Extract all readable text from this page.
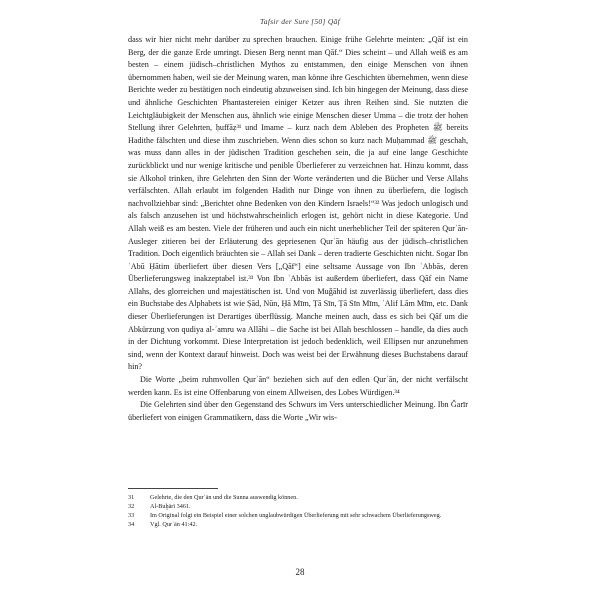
Tafsir der Sure [50] Qāf

dass wir hier nicht mehr darüber zu sprechen brauchen. Einige frühe Gelehrte meinten: „Qāf ist ein Berg, der die ganze Erde umringt. Diesen Berg nennt man Qāf.“ Dies scheint – und Allah weiß es am besten – einem jüdisch–christlichen Mythos zu entstammen, den einige Menschen von ihnen übernommen haben, weil sie der Meinung waren, man könne ihre Geschichten übernehmen, wenn diese Berichte weder zu bestätigen noch eindeutig abzuweisen sind. Ich bin hingegen der Meinung, dass diese und ähnliche Geschichten Phantastereien einiger Ketzer aus ihren Reihen sind. Sie nutzten die Leichtgläubigkeit der Menschen aus, ähnlich wie einige Menschen dieser Umma – die trotz der hohen Stellung ihrer Gelehrten, ḥuffāẓ³¹ und Imame – kurz nach dem Ableben des Propheten ﷺ bereits Hadithe fälschten und diese ihm zuschrieben. Wenn dies schon so kurz nach Muḥammad ﷺ geschah, was muss dann alles in der jüdischen Tradition geschehen sein, die ja auf eine lange Geschichte zurückblickt und nur wenige kritische und penible Überlieferer zu verzeichnen hat. Hinzu kommt, dass sie Alkohol trinken, ihre Gelehrten den Sinn der Worte veränderten und die Bücher und Verse Allahs verfälschten. Allah erlaubt im folgenden Hadith nur Dinge von ihnen zu überliefern, die logisch nachvollziehbar sind: „Berichtet ohne Bedenken von den Kindern Israels!“³² Was jedoch unlogisch und als falsch anzusehen ist und höchstwahrscheinlich erlogen ist, gehört nicht in diese Kategorie. Und Allah weiß es am besten. Viele der früheren und auch ein nicht unerheblicher Teil der späteren Qurʾān-Ausleger zitieren bei der Erläuterung des gepriesenen Qurʾān häufig aus der jüdisch–christlichen Tradition. Doch eigentlich bräuchten sie – Allah sei Dank – deren tradierte Geschichten nicht. Sogar Ibn ʾAbū Ḥātim überliefert über diesen Vers [„Qāf“] eine seltsame Aussage von Ibn ʿAbbās, deren Überlieferungsweg inakzeptabel ist.³³ Von Ibn ʿAbbās ist außerdem überliefert, dass Qāf ein Name Allahs, des glorreichen und majestätischen ist. Und von Muǧāhid ist zuverlässig überliefert, dass dies ein Buchstabe des Alphabets ist wie Ṣād, Nūn, Ḥā Mīm, Ṭā Sīn, Ṭā Sīn Mīm, ʾAlif Lām Mīm, etc. Dank dieser Überlieferungen ist Derartiges überflüssig. Manche meinen auch, dass es sich bei Qāf um die Abkürzung von qudiya al-ʾamru wa Allāhi – die Sache ist bei Allah beschlossen – handle, da dies auch in der Dichtung vorkommt. Diese Interpretation ist jedoch bedenklich, weil Ellipsen nur anzunehmen sind, wenn der Kontext darauf hinweist. Doch was weist bei der Erwähnung dieses Buchstabens darauf hin?

Die Worte „beim ruhmvollen Qurʾān“ beziehen sich auf den edlen Qurʾān, der nicht verfälscht werden kann. Es ist eine Offenbarung von einem Allweisen, des Lobes Würdigen.³⁴

Die Gelehrten sind über den Gegenstand des Schwurs im Vers unterschiedlicher Meinung. Ibn Ǧarīr überliefert von einigen Grammatikern, dass die Worte „Wir wis-

31	Gelehrte, die den Qurʾān und die Sunna auswendig können.
32	Al-Buḫārī 3461.
33	Im Original folgt ein Beispiel einer solchen unglaubwürdigen Überlieferung mit sehr schwachem Überlieferungsweg.
34	Vgl. Qurʾān 41:42.
28
